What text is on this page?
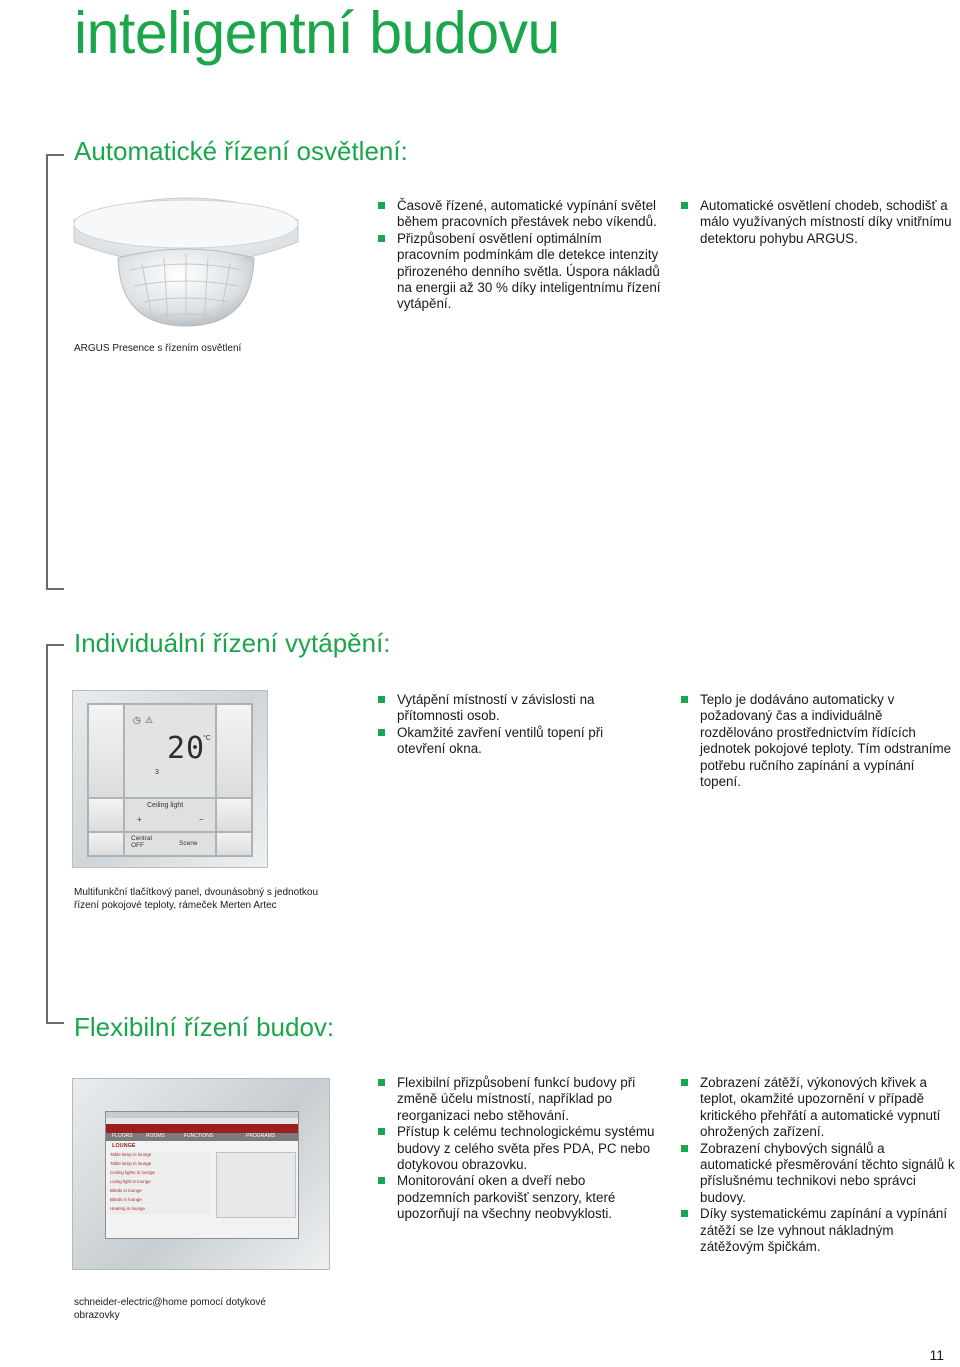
inteligentní budovu
Automatické řízení osvětlení:
ARGUS Presence s řízením osvětlení
Časově řízené, automatické vypínání světel během pracovních přestávek nebo víkendů.
Přizpůsobení osvětlení optimálním pracovním podmínkám dle detekce intenzity přirozeného denního světla. Úspora nákladů na energii až 30 % díky inteligentnímu řízení vytápění.
Automatické osvětlení chodeb, schodišť a málo využívaných místností díky vnitřnímu detektoru pohybu ARGUS.
Individuální řízení vytápění:
◷ ⚠
20
°C
3
Ceiling light
+	−
Central OFF	Scene
Multifunkční tlačítkový panel, dvounásobný s jednotkou řízení pokojové teploty, rámeček Merten Artec
Vytápění místností v závislosti na přítomnosti osob.
Okamžité zavření ventilů topení při otevření okna.
Teplo je dodáváno automaticky v požadovaný čas a individuálně rozdělováno prostřednictvím řídících jednotek pokojové teploty. Tím odstraníme potřebu ručního zapínání a vypínání topení.
Flexibilní řízení budov:
FLOORS	ROOMS	FUNCTIONS	PROGRAMS
LOUNGE
Table lamp in lounge
Table lamp in lounge
Ceiling lights in lounge
Living light in lounge
Blinds in lounge
Blinds in lounge
Heating in lounge
schneider-electric@home pomocí dotykové obrazovky
Flexibilní přizpůsobení funkcí budovy při změně účelu místností, například po reorganizaci nebo stěhování.
Přístup k celému technologickému systému budovy z celého světa přes PDA, PC nebo dotykovou obrazovku.
Monitorování oken a dveří nebo podzemních parkovišť senzory, které upozorňují na všechny neobvyklosti.
Zobrazení zátěží, výkonových křivek a teplot, okamžité upozornění v případě kritického přehřátí a automatické vypnutí ohrožených zařízení.
Zobrazení chybových signálů a automatické přesměrování těchto signálů k příslušnému technikovi nebo správci budovy.
Díky systematickému zapínání a vypínání zátěží se lze vyhnout nákladným zátěžovým špičkám.
11
